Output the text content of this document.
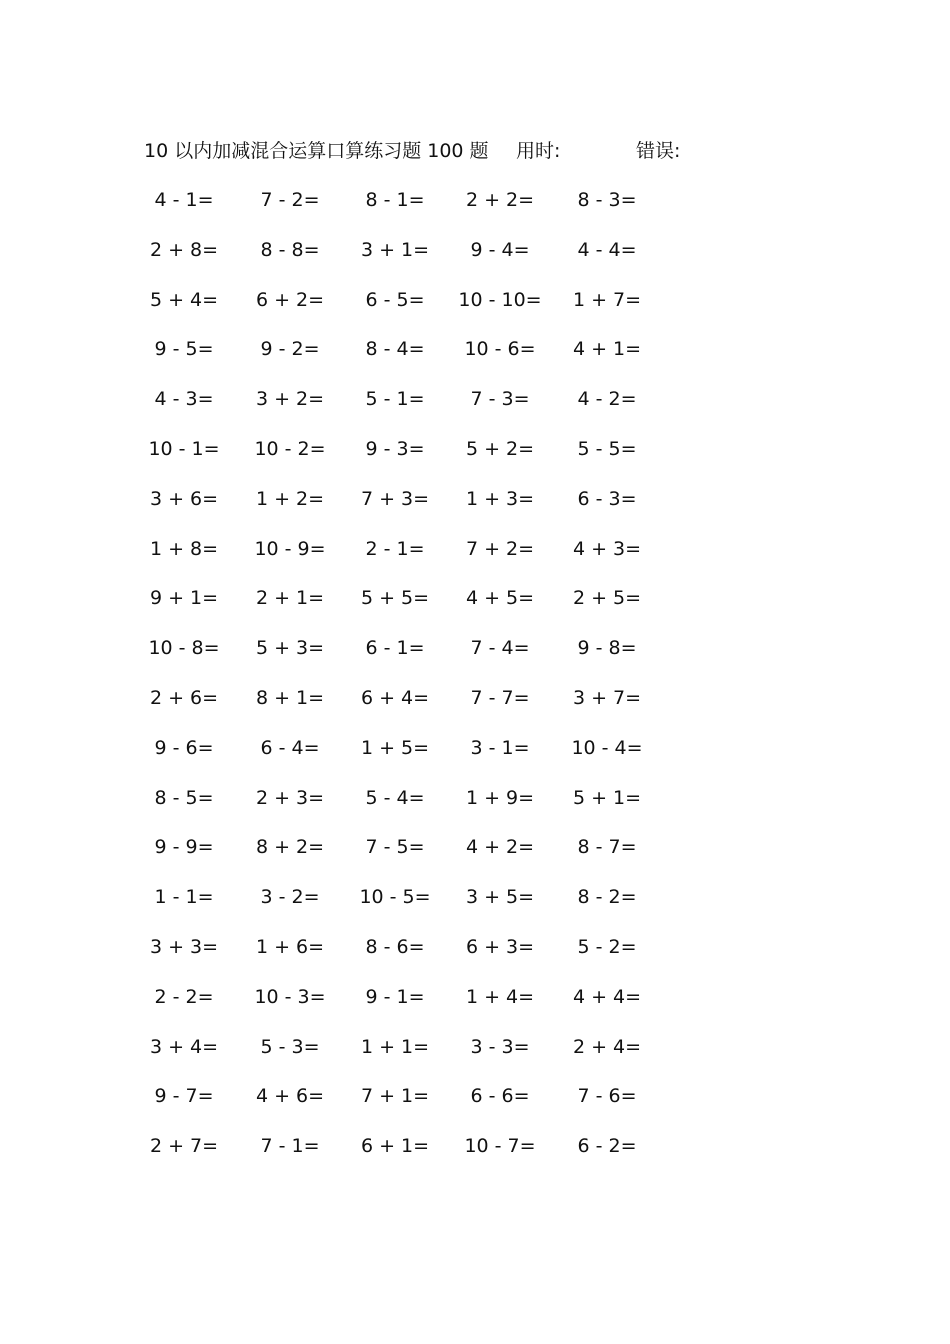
10 以内加减混合运算口算练习题 100 题 用时:	错误:
4 - 1=	7 - 2=	8 - 1=	2 + 2=	8 - 3=
2 + 8=	8 - 8=	3 + 1=	9 - 4=	4 - 4=
5 + 4=	6 + 2=	6 - 5=	10 - 10=	1 + 7=
9 - 5=	9 - 2=	8 - 4=	10 - 6=	4 + 1=
4 - 3=	3 + 2=	5 - 1=	7 - 3=	4 - 2=
10 - 1=	10 - 2=	9 - 3=	5 + 2=	5 - 5=
3 + 6=	1 + 2=	7 + 3=	1 + 3=	6 - 3=
1 + 8=	10 - 9=	2 - 1=	7 + 2=	4 + 3=
9 + 1=	2 + 1=	5 + 5=	4 + 5=	2 + 5=
10 - 8=	5 + 3=	6 - 1=	7 - 4=	9 - 8=
2 + 6=	8 + 1=	6 + 4=	7 - 7=	3 + 7=
9 - 6=	6 - 4=	1 + 5=	3 - 1=	10 - 4=
8 - 5=	2 + 3=	5 - 4=	1 + 9=	5 + 1=
9 - 9=	8 + 2=	7 - 5=	4 + 2=	8 - 7=
1 - 1=	3 - 2=	10 - 5=	3 + 5=	8 - 2=
3 + 3=	1 + 6=	8 - 6=	6 + 3=	5 - 2=
2 - 2=	10 - 3=	9 - 1=	1 + 4=	4 + 4=
3 + 4=	5 - 3=	1 + 1=	3 - 3=	2 + 4=
9 - 7=	4 + 6=	7 + 1=	6 - 6=	7 - 6=
2 + 7=	7 - 1=	6 + 1=	10 - 7=	6 - 2=
